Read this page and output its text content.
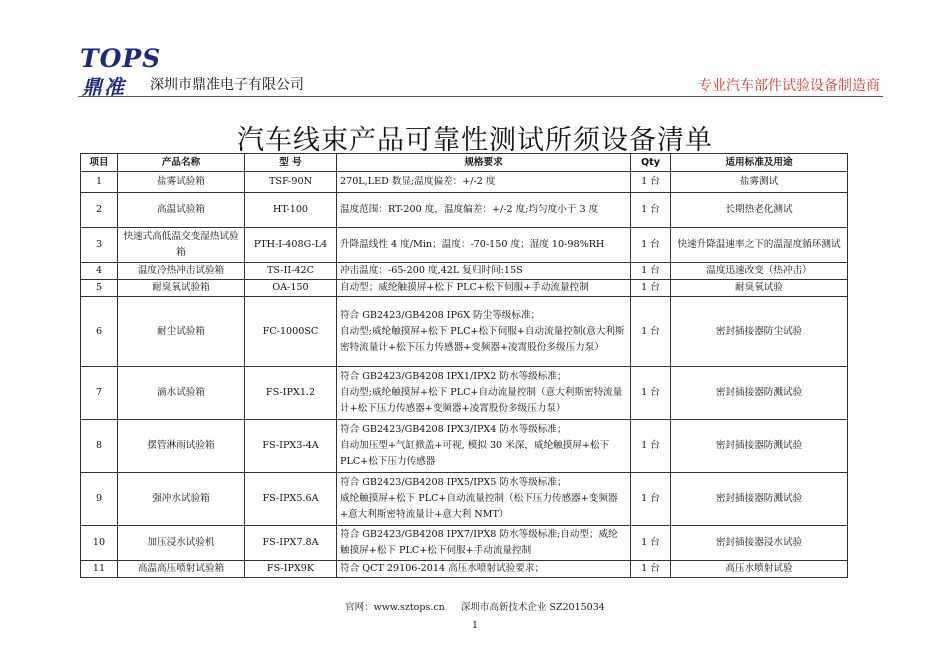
TOPS
鼎准 深圳市鼎准电子有限公司	专业汽车部件试验设备制造商
汽车线束产品可靠性测试所须设备清单
项目	产品名称	型 号	规格要求	Qty	适用标准及用途
1	盐雾试验箱	TSF-90N	270L,LED 数显;温度偏差：+/-2 度	1 台	盐雾测试
2	高温试验箱	HT-100	温度范围：RT-200 度，温度偏差：+/-2 度;均匀度小于 3 度	1 台	长期热老化测试
3	快速式高低温交变湿热试验箱	PTH-I-408G-L4	升降温线性 4 度/Min；温度：-70-150 度；湿度 10-98%RH	1 台	快速升降温速率之下的温湿度循环测试
4	温度冷热冲击试验箱	TS-II-42C	冲击温度：-65-200 度,42L 复归时间:15S	1 台	温度迅速改变（热冲击）
5	耐臭氧试验箱	OA-150	自动型；威纶触摸屏+松下 PLC+松下伺服+手动流量控制	1 台	耐臭氧试验
6	耐尘试验箱	FC-1000SC	符合 GB2423/GB4208 IP6X 防尘等级标准；
自动型;威纶触摸屏+松下 PLC+松下伺服+自动流量控制(意大利斯密特流量计+松下压力传感器+变频器+凌霄股份多级压力泵）	1 台	密封插接器防尘试验
7	滴水试验箱	FS-IPX1.2	符合 GB2423/GB4208 IPX1/IPX2 防水等级标准；
自动型;威纶触摸屏+松下 PLC+自动流量控制（意大利斯密特流量计+松下压力传感器+变频器+凌霄股份多级压力泵）	1 台	密封插接器防溅试验
8	摆管淋雨试验箱	FS-IPX3-4A	符合 GB2423/GB4208 IPX3/IPX4 防水等级标准；
自动加压型+气缸掀盖+可视, 模拟 30 米深，威纶触摸屏+松下 PLC+松下压力传感器	1 台	密封插接器防溅试验
9	强冲水试验箱	FS-IPX5.6A	符合 GB2423/GB4208 IPX5/IPX5 防水等级标准；
威纶触摸屏+松下 PLC+自动流量控制（松下压力传感器+变频器+意大利斯密特流量计+意大利 NMT）	1 台	密封插接器防溅试验
10	加压浸水试验机	FS-IPX7.8A	符合 GB2423/GB4208 IPX7/IPX8 防水等级标准;自动型；威纶触摸屏+松下 PLC+松下伺服+手动流量控制	1 台	密封插接器浸水试验
11	高温高压喷射试验箱	FS-IPX9K	符合 QCT 29106-2014 高压水喷射试验要求；	1 台	高压水喷射试验
官网：www.sztops.cn 深圳市高新技术企业 SZ2015034
1
